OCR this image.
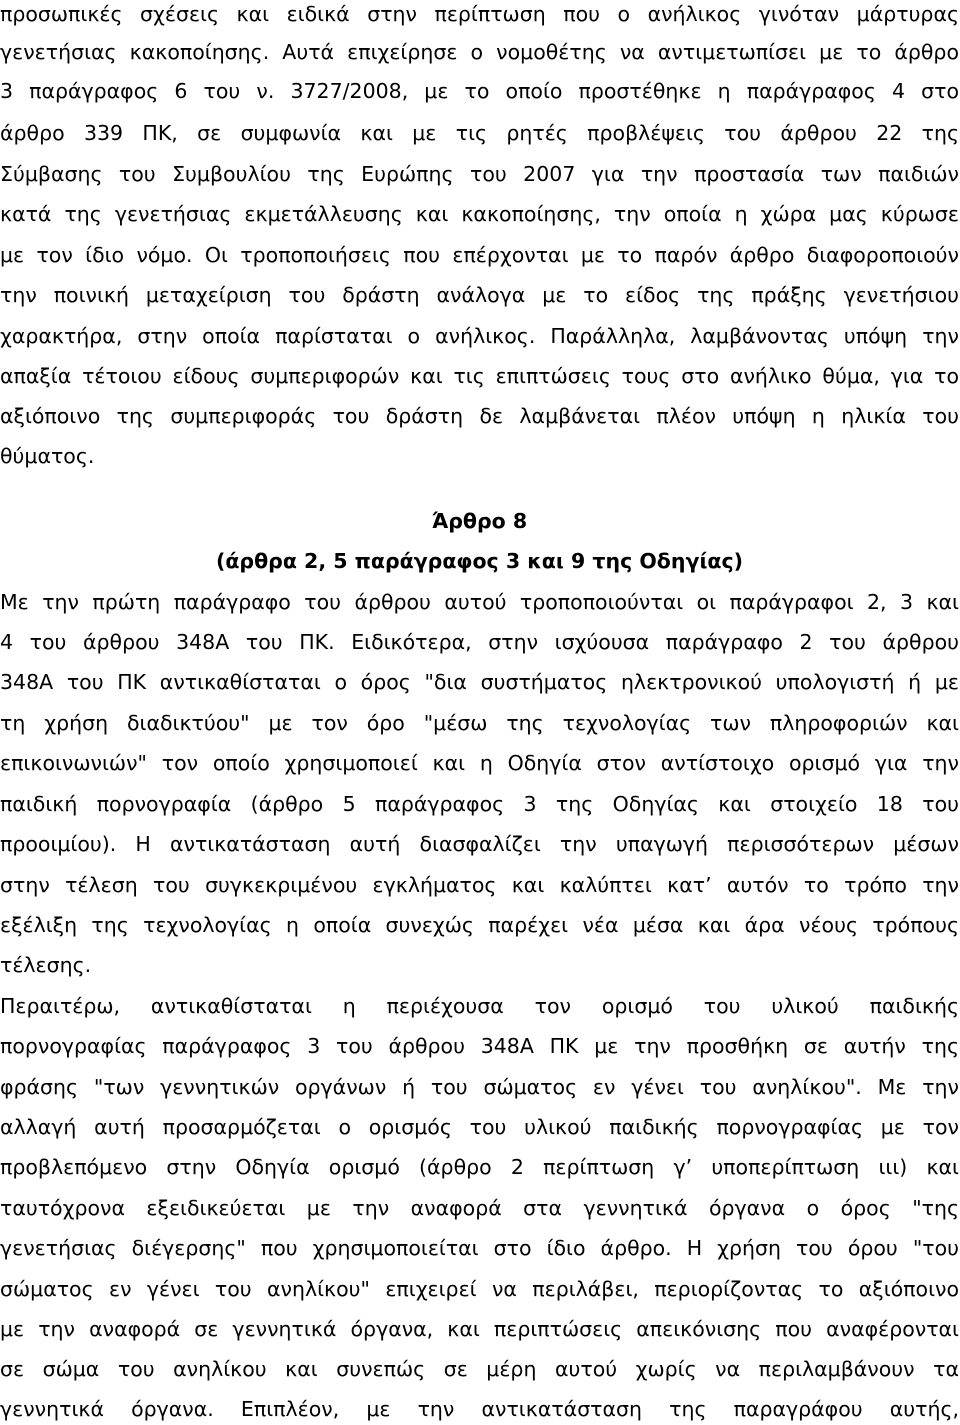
προσωπικές σχέσεις και ειδικά στην περίπτωση που ο ανήλικος γινόταν μάρτυρας
γενετήσιας κακοποίησης. Αυτά επιχείρησε ο νομοθέτης να αντιμετωπίσει με το άρθρο
3 παράγραφος 6 του ν. 3727/2008, με το οποίο προστέθηκε η παράγραφος 4 στο
άρθρο 339 ΠΚ, σε συμφωνία και με τις ρητές προβλέψεις του άρθρου 22 της
Σύμβασης του Συμβουλίου της Ευρώπης του 2007 για την προστασία των παιδιών
κατά της γενετήσιας εκμετάλλευσης και κακοποίησης, την οποία η χώρα μας κύρωσε
με τον ίδιο νόμο. Οι τροποποιήσεις που επέρχονται με το παρόν άρθρο διαφοροποιούν
την ποινική μεταχείριση του δράστη ανάλογα με το είδος της πράξης γενετήσιου
χαρακτήρα, στην οποία παρίσταται ο ανήλικος. Παράλληλα, λαμβάνοντας υπόψη την
απαξία τέτοιου είδους συμπεριφορών και τις επιπτώσεις τους στο ανήλικο θύμα, για το
αξιόποινο της συμπεριφοράς του δράστη δε λαμβάνεται πλέον υπόψη η ηλικία του
θύματος.
Άρθρο 8
(άρθρα 2, 5 παράγραφος 3 και 9 της Οδηγίας)
Με την πρώτη παράγραφο του άρθρου αυτού τροποποιούνται οι παράγραφοι 2, 3 και
4 του άρθρου 348Α του ΠΚ. Ειδικότερα, στην ισχύουσα παράγραφο 2 του άρθρου
348Α του ΠΚ αντικαθίσταται ο όρος "δια συστήματος ηλεκτρονικού υπολογιστή ή με
τη χρήση διαδικτύου" με τον όρο "μέσω της τεχνολογίας των πληροφοριών και
επικοινωνιών" τον οποίο χρησιμοποιεί και η Οδηγία στον αντίστοιχο ορισμό για την
παιδική πορνογραφία (άρθρο 5 παράγραφος 3 της Οδηγίας και στοιχείο 18 του
προοιμίου). Η αντικατάσταση αυτή διασφαλίζει την υπαγωγή περισσότερων μέσων
στην τέλεση του συγκεκριμένου εγκλήματος και καλύπτει κατ’ αυτόν το τρόπο την
εξέλιξη της τεχνολογίας η οποία συνεχώς παρέχει νέα μέσα και άρα νέους τρόπους
τέλεσης.
Περαιτέρω, αντικαθίσταται η περιέχουσα τον ορισμό του υλικού παιδικής
πορνογραφίας παράγραφος 3 του άρθρου 348Α ΠΚ με την προσθήκη σε αυτήν της
φράσης "των γεννητικών οργάνων ή του σώματος εν γένει του ανηλίκου". Με την
αλλαγή αυτή προσαρμόζεται ο ορισμός του υλικού παιδικής πορνογραφίας με τον
προβλεπόμενο στην Οδηγία ορισμό (άρθρο 2 περίπτωση γ’ υποπερίπτωση ιιι) και
ταυτόχρονα εξειδικεύεται με την αναφορά στα γεννητικά όργανα ο όρος "της
γενετήσιας διέγερσης" που χρησιμοποιείται στο ίδιο άρθρο. Η χρήση του όρου "του
σώματος εν γένει του ανηλίκου" επιχειρεί να περιλάβει, περιορίζοντας το αξιόποινο
με την αναφορά σε γεννητικά όργανα, και περιπτώσεις απεικόνισης που αναφέρονται
σε σώμα του ανηλίκου και συνεπώς σε μέρη αυτού χωρίς να περιλαμβάνουν τα
γεννητικά όργανα. Επιπλέον, με την αντικατάσταση της παραγράφου αυτής,
